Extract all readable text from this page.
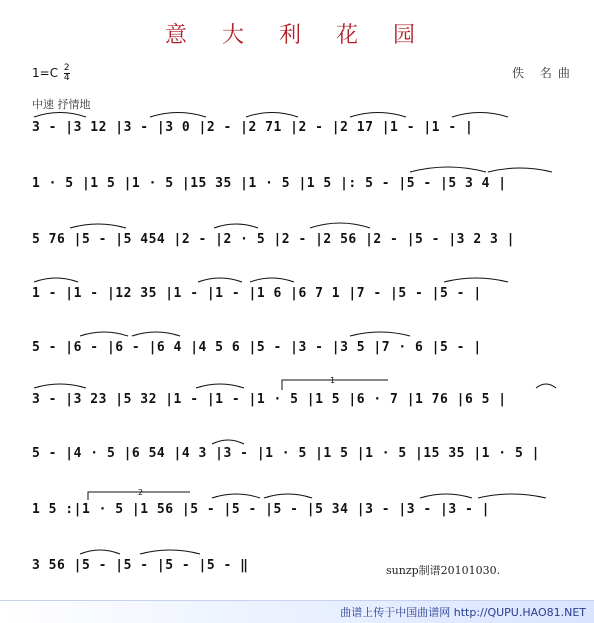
意 大 利 花 园
$1=C \frac{2}{4}$	佚 名曲
中速 抒情地
3 - |3 12 |3 - |3 0 |2 - |2 71 |2 - |2 17 |1 - |1 - |
1 · 5 |1 5 |1 · 5 |15 35 |1 · 5 |1 5 |: 5 - |5 - |5 3 4 |
5 76 |5 - |5 454 |2 - |2 · 5 |2 - |2 56 |2 - |5 - |3 2 3 |
1 - |1 - |12 35 |1 - |1 - |1 6 |6 7 1 |7 - |5 - |5 - |
5 - |6 - |6 - |6 4 |4 5 6 |5 - |3 - |3 5 |7 · 6 |5 - |
3 - |3 23 |5 32 |1 - |1 - |1 · 5 |1 5 |6 · 7 |1 76 |6 5 |
5 - |4 · 5 |6 54 |4 3 |3 - |1 · 5 |1 5 |1 · 5 |15 35 |1 · 5 |
1 5 :|1 · 5 |1 56 |5 - |5 - |5 - |5 34 |3 - |3 - |3 - |
3 56 |5 - |5 - |5 - |5 - ‖
1
2
sunzp制谱20101030.
曲谱上传于中国曲谱网 http://QUPU.HAO81.NET
